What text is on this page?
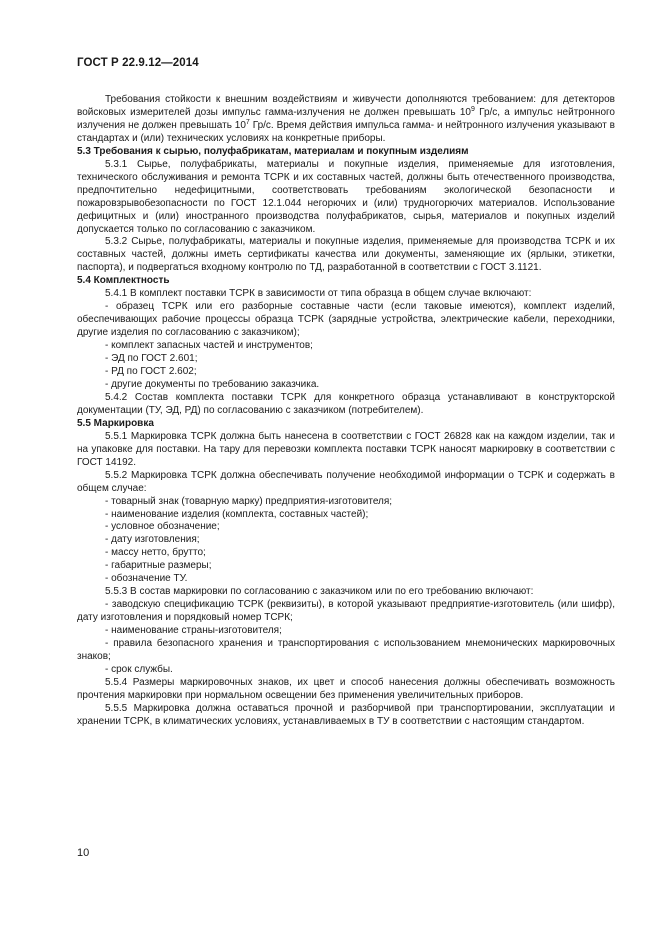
ГОСТ Р 22.9.12—2014

Требования стойкости к внешним воздействиям и живучести дополняются требованием: для детекторов войсковых измерителей дозы импульс гамма-излучения не должен превышать $10^9$ Гр/с, а импульс нейтронного излучения не должен превышать $10^7$ Гр/с. Время действия импульса гамма- и нейтронного излучения указывают в стандартах и (или) технических условиях на конкретные приборы.

5.3 Требования к сырью, полуфабрикатам, материалам и покупным изделиям

5.3.1 Сырье, полуфабрикаты, материалы и покупные изделия, применяемые для изготовления, технического обслуживания и ремонта ТСРК и их составных частей, должны быть отечественного производства, предпочтительно недефицитными, соответствовать требованиям экологической безопасности и пожаровзрывобезопасности по ГОСТ 12.1.044 негорючих и (или) трудногорючих материалов. Использование дефицитных и (или) иностранного производства полуфабрикатов, сырья, материалов и покупных изделий допускается только по согласованию с заказчиком.

5.3.2 Сырье, полуфабрикаты, материалы и покупные изделия, применяемые для производства ТСРК и их составных частей, должны иметь сертификаты качества или документы, заменяющие их (ярлыки, этикетки, паспорта), и подвергаться входному контролю по ТД, разработанной в соответствии с ГОСТ 3.1121.

5.4 Комплектность

5.4.1 В комплект поставки ТСРК в зависимости от типа образца в общем случае включают:

- образец ТСРК или его разборные составные части (если таковые имеются), комплект изделий, обеспечивающих рабочие процессы образца ТСРК (зарядные устройства, электрические кабели, переходники, другие изделия по согласованию с заказчиком);

- комплект запасных частей и инструментов;

- ЭД по ГОСТ 2.601;

- РД по ГОСТ 2.602;

- другие документы по требованию заказчика.

5.4.2 Состав комплекта поставки ТСРК для конкретного образца устанавливают в конструкторской документации (ТУ, ЭД, РД) по согласованию с заказчиком (потребителем).

5.5 Маркировка

5.5.1 Маркировка ТСРК должна быть нанесена в соответствии с ГОСТ 26828 как на каждом изделии, так и на упаковке для поставки. На тару для перевозки комплекта поставки ТСРК наносят маркировку в соответствии с ГОСТ 14192.

5.5.2 Маркировка ТСРК должна обеспечивать получение необходимой информации о ТСРК и содержать в общем случае:

- товарный знак (товарную марку) предприятия-изготовителя;

- наименование изделия (комплекта, составных частей);

- условное обозначение;

- дату изготовления;

- массу нетто, брутто;

- габаритные размеры;

- обозначение ТУ.

5.5.3 В состав маркировки по согласованию с заказчиком или по его требованию включают:

- заводскую спецификацию ТСРК (реквизиты), в которой указывают предприятие-изготовитель (или шифр), дату изготовления и порядковый номер ТСРК;

- наименование страны-изготовителя;

- правила безопасного хранения и транспортирования с использованием мнемонических маркировочных знаков;

- срок службы.

5.5.4 Размеры маркировочных знаков, их цвет и способ нанесения должны обеспечивать возможность прочтения маркировки при нормальном освещении без применения увеличительных приборов.

5.5.5 Маркировка должна оставаться прочной и разборчивой при транспортировании, эксплуатации и хранении ТСРК, в климатических условиях, устанавливаемых в ТУ в соответствии с настоящим стандартом.

10
